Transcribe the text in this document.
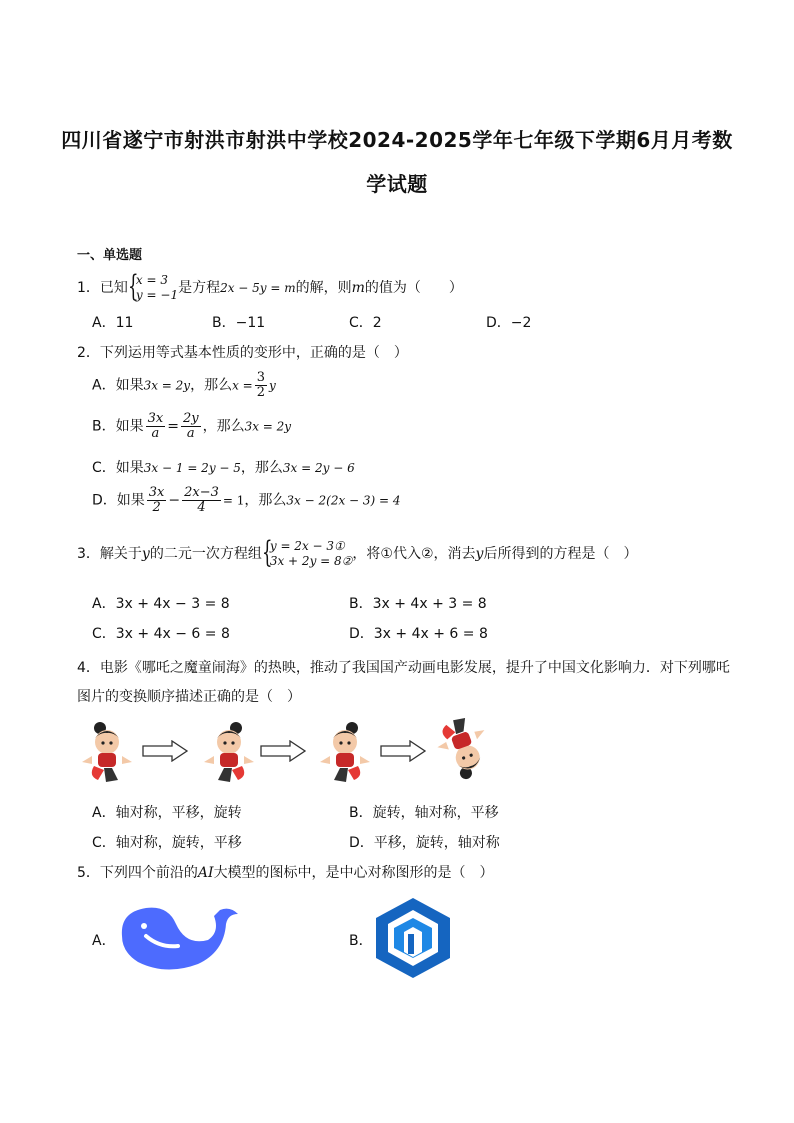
四川省遂宁市射洪市射洪中学校2024-2025学年七年级下学期6月月考数
学试题
一、单选题
1．已知 {
x = 3
y = −1 是方程2x − 5y = m的解，则m的值为（　　）
A．11	B．−11	C．2	D．−2
2．下列运用等式基本性质的变形中，正确的是（　）
A．如果3x = 2y，那么$x = \frac{3}{2}$ y
B．如果 $\frac{3x}{a} = \frac{2y}{a}$ ，那么3x = 2y
C．如果3x − 1 = 2y − 5，那么3x = 2y − 6
D．如果 $\frac{3x}{2} - \frac{2x-3}{4} = 1$，那么3x − 2(2x − 3) = 4
3．解关于y的二元一次方程组 {
y = 2x − 3①
3x + 2y = 8② ，将①代入②，消去y后所得到的方程是（　）
A．3x + 4x − 3 = 8	B．3x + 4x + 3 = 8
C．3x + 4x − 6 = 8	D．3x + 4x + 6 = 8
4．电影《哪吒之魔童闹海》的热映，推动了我国国产动画电影发展，提升了中国文化影响力．对下列哪吒
图片的变换顺序描述正确的是（　）
A．轴对称，平移，旋转	B．旋转，轴对称，平移
C．轴对称，旋转，平移	D．平移，旋转，轴对称
5．下列四个前沿的AI大模型的图标中，是中心对称图形的是（　）
A．	B．
